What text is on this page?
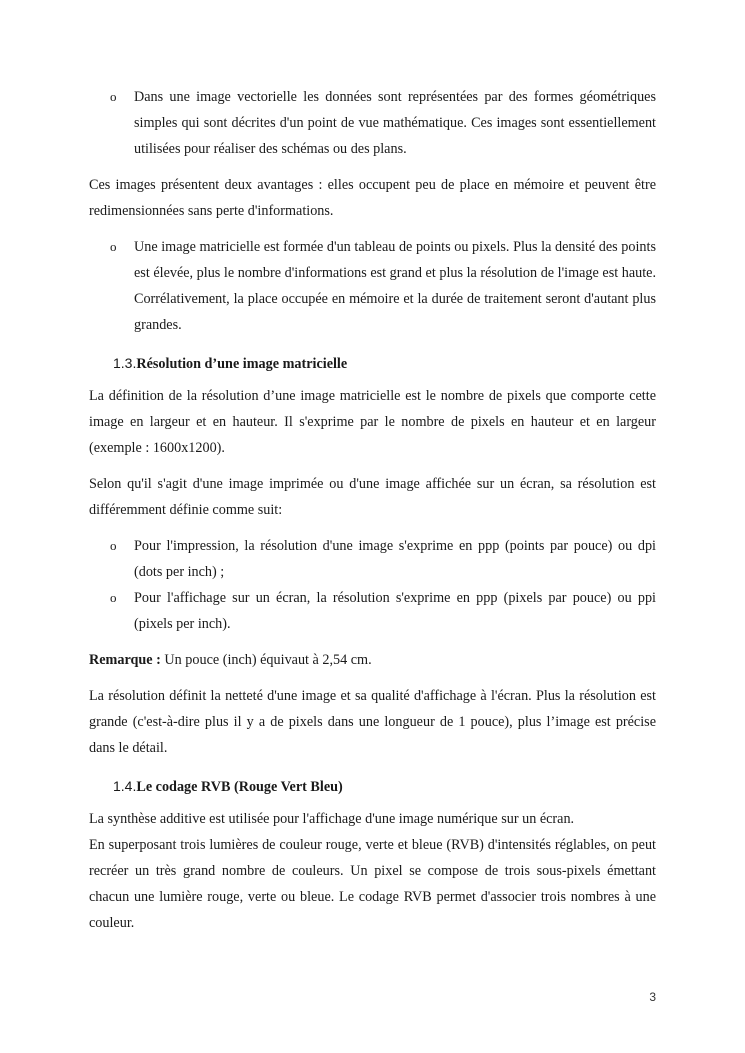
o Dans une image vectorielle les données sont représentées par des formes géométriques simples qui sont décrites d'un point de vue mathématique. Ces images sont essentiellement utilisées pour réaliser des schémas ou des plans.

Ces images présentent deux avantages : elles occupent peu de place en mémoire et peuvent être redimensionnées sans perte d'informations.

o Une image matricielle est formée d'un tableau de points ou pixels. Plus la densité des points est élevée, plus le nombre d'informations est grand et plus la résolution de l'image est haute. Corrélativement, la place occupée en mémoire et la durée de traitement seront d'autant plus grandes.
1.3.Résolution d’une image matricielle

La définition de la résolution d’une image matricielle est le nombre de pixels que comporte cette image en largeur et en hauteur. Il s'exprime par le nombre de pixels en hauteur et en largeur (exemple : 1600x1200).

Selon qu'il s'agit d'une image imprimée ou d'une image affichée sur un écran, sa résolution est différemment définie comme suit:

o Pour l'impression, la résolution d'une image s'exprime en ppp (points par pouce) ou dpi (dots per inch) ;
o Pour l'affichage sur un écran, la résolution s'exprime en ppp (pixels par pouce) ou ppi (pixels per inch).

Remarque : Un pouce (inch) équivaut à 2,54 cm.

La résolution définit la netteté d'une image et sa qualité d'affichage à l'écran. Plus la résolution est grande (c'est-à-dire plus il y a de pixels dans une longueur de 1 pouce), plus l’image est précise dans le détail.

1.4.Le codage RVB (Rouge Vert Bleu)

La synthèse additive est utilisée pour l'affichage d'une image numérique sur un écran.

En superposant trois lumières de couleur rouge, verte et bleue (RVB) d'intensités réglables, on peut recréer un très grand nombre de couleurs. Un pixel se compose de trois sous-pixels émettant chacun une lumière rouge, verte ou bleue. Le codage RVB permet d'associer trois nombres à une couleur.

3
